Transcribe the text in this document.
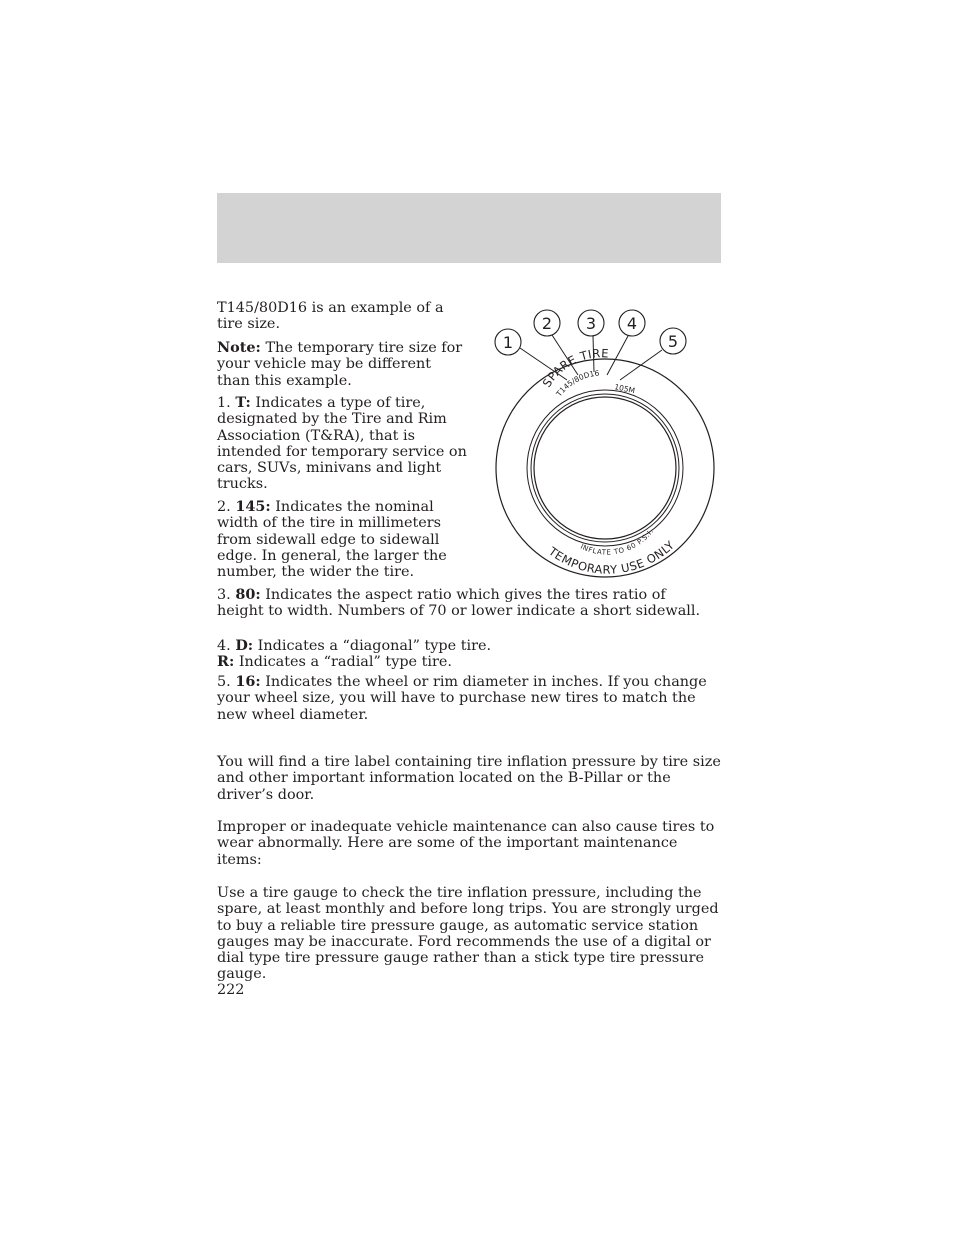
T145/80D16 is an example of a tire size.

Note: The temporary tire size for your vehicle may be different than this example.

1. T: Indicates a type of tire, designated by the Tire and Rim Association (T&RA), that is intended for temporary service on cars, SUVs, minivans and light trucks.

2. 145: Indicates the nominal width of the tire in millimeters from sidewall edge to sidewall edge. In general, the larger the number, the wider the tire.

3. 80: Indicates the aspect ratio which gives the tires ratio of height to width. Numbers of 70 or lower indicate a short sidewall.

4. D: Indicates a “diagonal” type tire.
R: Indicates a “radial” type tire.

5. 16: Indicates the wheel or rim diameter in inches. If you change your wheel size, you will have to purchase new tires to match the new wheel diameter.

You will find a tire label containing tire inflation pressure by tire size and other important information located on the B-Pillar or the driver’s door.

Improper or inadequate vehicle maintenance can also cause tires to wear abnormally. Here are some of the important maintenance items:

Use a tire gauge to check the tire inflation pressure, including the spare, at least monthly and before long trips. You are strongly urged to buy a reliable tire pressure gauge, as automatic service station gauges may be inaccurate. Ford recommends the use of a digital or dial type tire pressure gauge rather than a stick type tire pressure gauge.

222
1
2 3 4
5
SPARE TIRE
T145/80D16
105M
INFLATE TO 60 P.S.I.
TEMPORARY USE ONLY
